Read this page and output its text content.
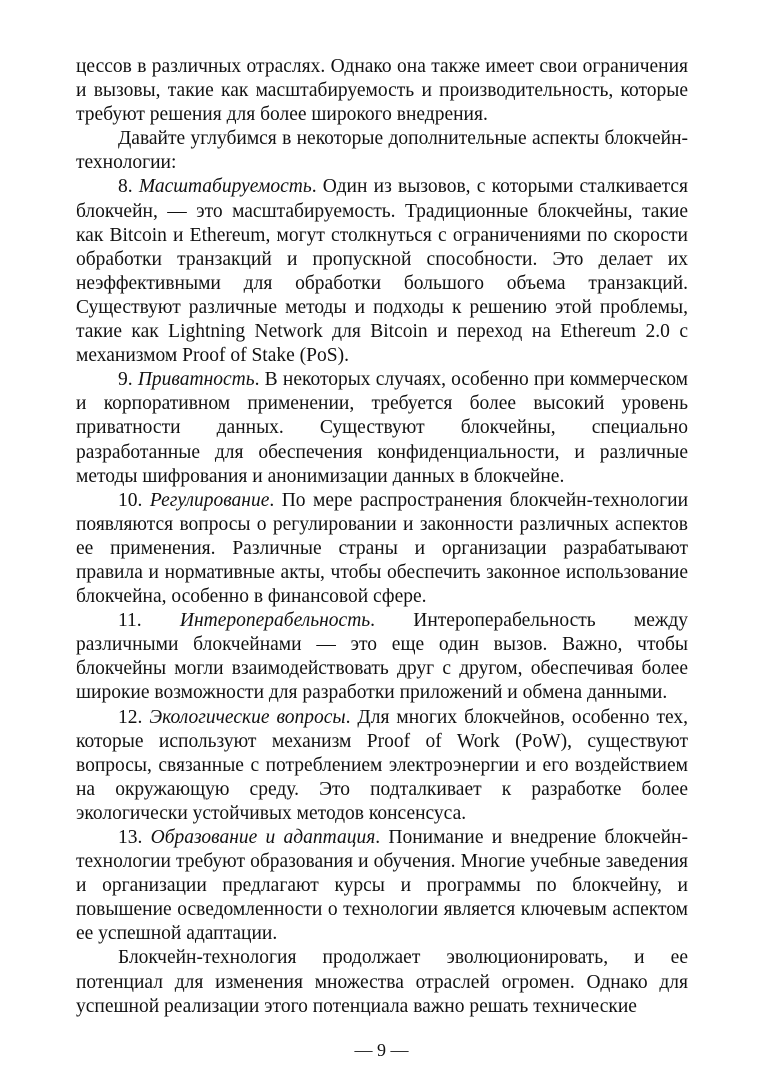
цессов в различных отраслях. Однако она также имеет свои ограничения и вызовы, такие как масштабируемость и производительность, которые требуют решения для более широкого внедрения.

Давайте углубимся в некоторые дополнительные аспекты блокчейн-технологии:

8. Масштабируемость. Один из вызовов, с которыми сталкивается блокчейн, — это масштабируемость. Традиционные блокчейны, такие как Bitcoin и Ethereum, могут столкнуться с ограничениями по скорости обработки транзакций и пропускной способности. Это делает их неэффективными для обработки большого объема транзакций. Существуют различные методы и подходы к решению этой проблемы, такие как Lightning Network для Bitcoin и переход на Ethereum 2.0 с механизмом Proof of Stake (PoS).

9. Приватность. В некоторых случаях, особенно при коммерческом и корпоративном применении, требуется более высокий уровень приватности данных. Существуют блокчейны, специально разработанные для обеспечения конфиденциальности, и различные методы шифрования и анонимизации данных в блокчейне.

10. Регулирование. По мере распространения блокчейн-технологии появляются вопросы о регулировании и законности различных аспектов ее применения. Различные страны и организации разрабатывают правила и нормативные акты, чтобы обеспечить законное использование блокчейна, особенно в финансовой сфере.

11. Интероперабельность. Интероперабельность между различными блокчейнами — это еще один вызов. Важно, чтобы блокчейны могли взаимодействовать друг с другом, обеспечивая более широкие возможности для разработки приложений и обмена данными.

12. Экологические вопросы. Для многих блокчейнов, особенно тех, которые используют механизм Proof of Work (PoW), существуют вопросы, связанные с потреблением электроэнергии и его воздействием на окружающую среду. Это подталкивает к разработке более экологически устойчивых методов консенсуса.

13. Образование и адаптация. Понимание и внедрение блокчейн-технологии требуют образования и обучения. Многие учебные заведения и организации предлагают курсы и программы по блокчейну, и повышение осведомленности о технологии является ключевым аспектом ее успешной адаптации.

Блокчейн-технология продолжает эволюционировать, и ее потенциал для изменения множества отраслей огромен. Однако для успешной реализации этого потенциала важно решать технические

— 9 —
